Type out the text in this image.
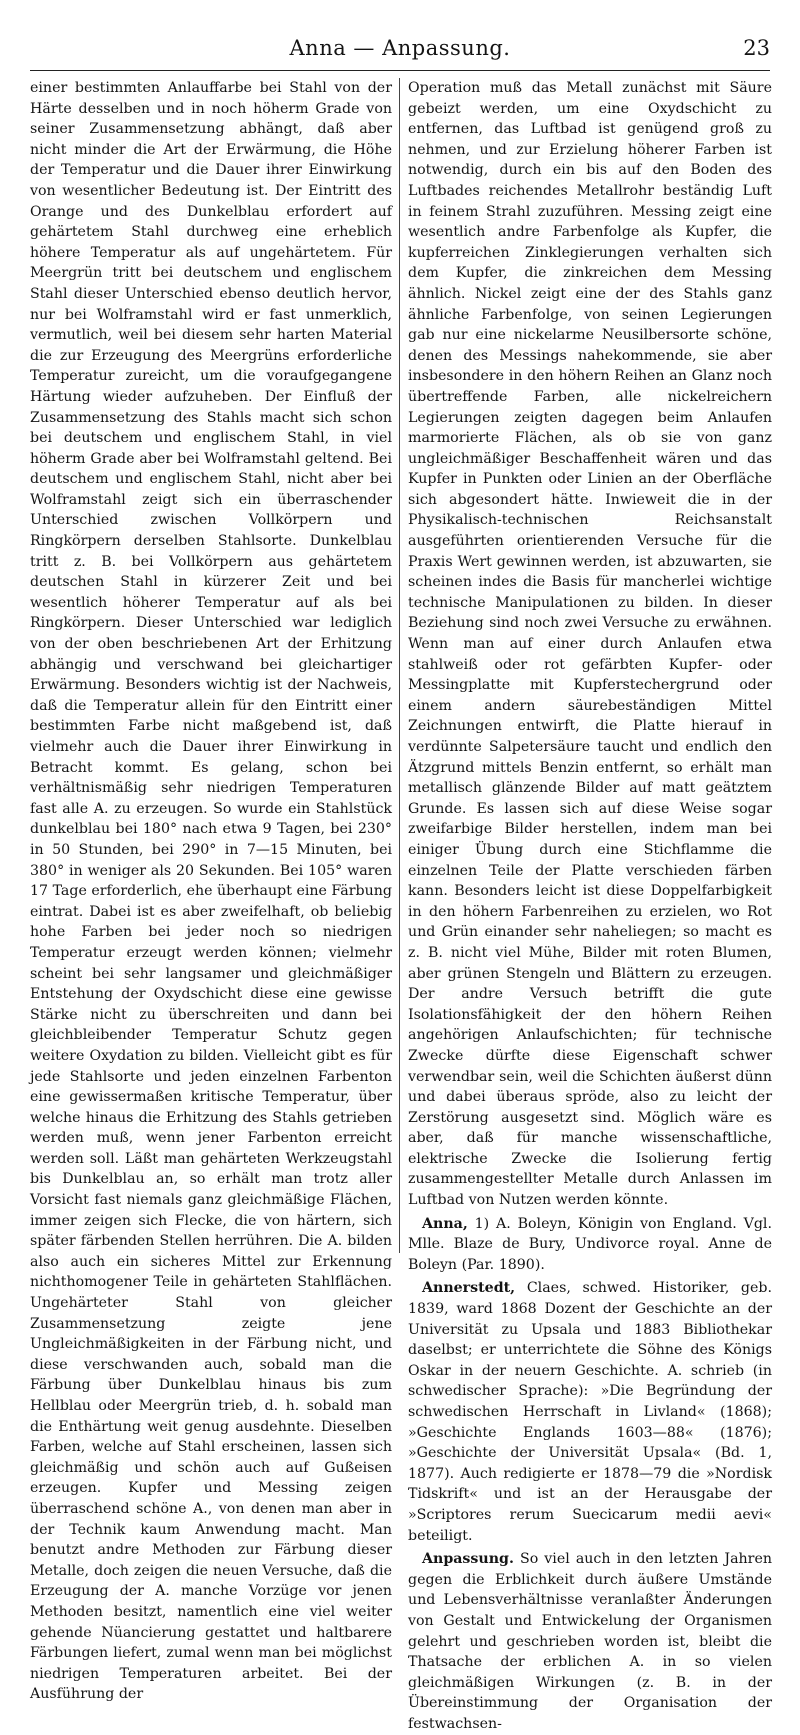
Anna — Anpassung.	23

einer bestimmten Anlauffarbe bei Stahl von der Härte desselben und in noch höherm Grade von seiner Zusammensetzung abhängt, daß aber nicht minder die Art der Erwärmung, die Höhe der Temperatur und die Dauer ihrer Einwirkung von wesentlicher Bedeutung ist. Der Eintritt des Orange und des Dunkelblau erfordert auf gehärtetem Stahl durchweg eine erheblich höhere Temperatur als auf ungehärtetem. Für Meergrün tritt bei deutschem und englischem Stahl dieser Unterschied ebenso deutlich hervor, nur bei Wolframstahl wird er fast unmerklich, vermutlich, weil bei diesem sehr harten Material die zur Erzeugung des Meergrüns erforderliche Temperatur zureicht, um die voraufgegangene Härtung wieder aufzuheben. Der Einfluß der Zusammensetzung des Stahls macht sich schon bei deutschem und englischem Stahl, in viel höherm Grade aber bei Wolframstahl geltend. Bei deutschem und englischem Stahl, nicht aber bei Wolframstahl zeigt sich ein überraschender Unterschied zwischen Vollkörpern und Ringkörpern derselben Stahlsorte. Dunkelblau tritt z. B. bei Vollkörpern aus gehärtetem deutschen Stahl in kürzerer Zeit und bei wesentlich höherer Temperatur auf als bei Ringkörpern. Dieser Unterschied war lediglich von der oben beschriebenen Art der Erhitzung abhängig und verschwand bei gleichartiger Erwärmung. Besonders wichtig ist der Nachweis, daß die Temperatur allein für den Eintritt einer bestimmten Farbe nicht maßgebend ist, daß vielmehr auch die Dauer ihrer Einwirkung in Betracht kommt. Es gelang, schon bei verhältnismäßig sehr niedrigen Temperaturen fast alle A. zu erzeugen. So wurde ein Stahlstück dunkelblau bei 180° nach etwa 9 Tagen, bei 230° in 50 Stunden, bei 290° in 7—15 Minuten, bei 380° in weniger als 20 Sekunden. Bei 105° waren 17 Tage erforderlich, ehe überhaupt eine Färbung eintrat. Dabei ist es aber zweifelhaft, ob beliebig hohe Farben bei jeder noch so niedrigen Temperatur erzeugt werden können; vielmehr scheint bei sehr langsamer und gleichmäßiger Entstehung der Oxydschicht diese eine gewisse Stärke nicht zu überschreiten und dann bei gleichbleibender Temperatur Schutz gegen weitere Oxydation zu bilden. Vielleicht gibt es für jede Stahlsorte und jeden einzelnen Farbenton eine gewissermaßen kritische Temperatur, über welche hinaus die Erhitzung des Stahls getrieben werden muß, wenn jener Farbenton erreicht werden soll. Läßt man gehärteten Werkzeugstahl bis Dunkelblau an, so erhält man trotz aller Vorsicht fast niemals ganz gleichmäßige Flächen, immer zeigen sich Flecke, die von härtern, sich später färbenden Stellen herrühren. Die A. bilden also auch ein sicheres Mittel zur Erkennung nichthomogener Teile in gehärteten Stahlflächen. Ungehärteter Stahl von gleicher Zusammensetzung zeigte jene Ungleichmäßigkeiten in der Färbung nicht, und diese verschwanden auch, sobald man die Färbung über Dunkelblau hinaus bis zum Hellblau oder Meergrün trieb, d. h. sobald man die Enthärtung weit genug ausdehnte. Dieselben Farben, welche auf Stahl erscheinen, lassen sich gleichmäßig und schön auch auf Gußeisen erzeugen. Kupfer und Messing zeigen überraschend schöne A., von denen man aber in der Technik kaum Anwendung macht. Man benutzt andre Methoden zur Färbung dieser Metalle, doch zeigen die neuen Versuche, daß die Erzeugung der A. manche Vorzüge vor jenen Methoden besitzt, namentlich eine viel weiter gehende Nüancierung gestattet und haltbarere Färbungen liefert, zumal wenn man bei möglichst niedrigen Temperaturen arbeitet. Bei der Ausführung der

Operation muß das Metall zunächst mit Säure gebeizt werden, um eine Oxydschicht zu entfernen, das Luftbad ist genügend groß zu nehmen, und zur Erzielung höherer Farben ist notwendig, durch ein bis auf den Boden des Luftbades reichendes Metallrohr beständig Luft in feinem Strahl zuzuführen. Messing zeigt eine wesentlich andre Farbenfolge als Kupfer, die kupferreichen Zinklegierungen verhalten sich dem Kupfer, die zinkreichen dem Messing ähnlich. Nickel zeigt eine der des Stahls ganz ähnliche Farbenfolge, von seinen Legierungen gab nur eine nickelarme Neusilbersorte schöne, denen des Messings nahekommende, sie aber insbesondere in den höhern Reihen an Glanz noch übertreffende Farben, alle nickelreichern Legierungen zeigten dagegen beim Anlaufen marmorierte Flächen, als ob sie von ganz ungleichmäßiger Beschaffenheit wären und das Kupfer in Punkten oder Linien an der Oberfläche sich abgesondert hätte. Inwieweit die in der Physikalisch-technischen Reichsanstalt ausgeführten orientierenden Versuche für die Praxis Wert gewinnen werden, ist abzuwarten, sie scheinen indes die Basis für mancherlei wichtige technische Manipulationen zu bilden. In dieser Beziehung sind noch zwei Versuche zu erwähnen. Wenn man auf einer durch Anlaufen etwa stahlweiß oder rot gefärbten Kupfer- oder Messingplatte mit Kupferstechergrund oder einem andern säurebeständigen Mittel Zeichnungen entwirft, die Platte hierauf in verdünnte Salpetersäure taucht und endlich den Ätzgrund mittels Benzin entfernt, so erhält man metallisch glänzende Bilder auf matt geätztem Grunde. Es lassen sich auf diese Weise sogar zweifarbige Bilder herstellen, indem man bei einiger Übung durch eine Stichflamme die einzelnen Teile der Platte verschieden färben kann. Besonders leicht ist diese Doppelfarbigkeit in den höhern Farbenreihen zu erzielen, wo Rot und Grün einander sehr naheliegen; so macht es z. B. nicht viel Mühe, Bilder mit roten Blumen, aber grünen Stengeln und Blättern zu erzeugen. Der andre Versuch betrifft die gute Isolationsfähigkeit der den höhern Reihen angehörigen Anlaufschichten; für technische Zwecke dürfte diese Eigenschaft schwer verwendbar sein, weil die Schichten äußerst dünn und dabei überaus spröde, also zu leicht der Zerstörung ausgesetzt sind. Möglich wäre es aber, daß für manche wissenschaftliche, elektrische Zwecke die Isolierung fertig zusammengestellter Metalle durch Anlassen im Luftbad von Nutzen werden könnte.

Anna, 1) A. Boleyn, Königin von England. Vgl. Mlle. Blaze de Bury, Undivorce royal. Anne de Boleyn (Par. 1890).

Annerstedt, Claes, schwed. Historiker, geb. 1839, ward 1868 Dozent der Geschichte an der Universität zu Upsala und 1883 Bibliothekar daselbst; er unterrichtete die Söhne des Königs Oskar in der neuern Geschichte. A. schrieb (in schwedischer Sprache): »Die Begründung der schwedischen Herrschaft in Livland« (1868); »Geschichte Englands 1603—88« (1876); »Geschichte der Universität Upsala« (Bd. 1, 1877). Auch redigierte er 1878—79 die »Nordisk Tidskrift« und ist an der Herausgabe der »Scriptores rerum Suecicarum medii aevi« beteiligt.

Anpassung. So viel auch in den letzten Jahren gegen die Erblichkeit durch äußere Umstände und Lebensverhältnisse veranlaßter Änderungen von Gestalt und Entwickelung der Organismen gelehrt und geschrieben worden ist, bleibt die Thatsache der erblichen A. in so vielen gleichmäßigen Wirkungen (z. B. in der Übereinstimmung der Organisation der festwachsen-
